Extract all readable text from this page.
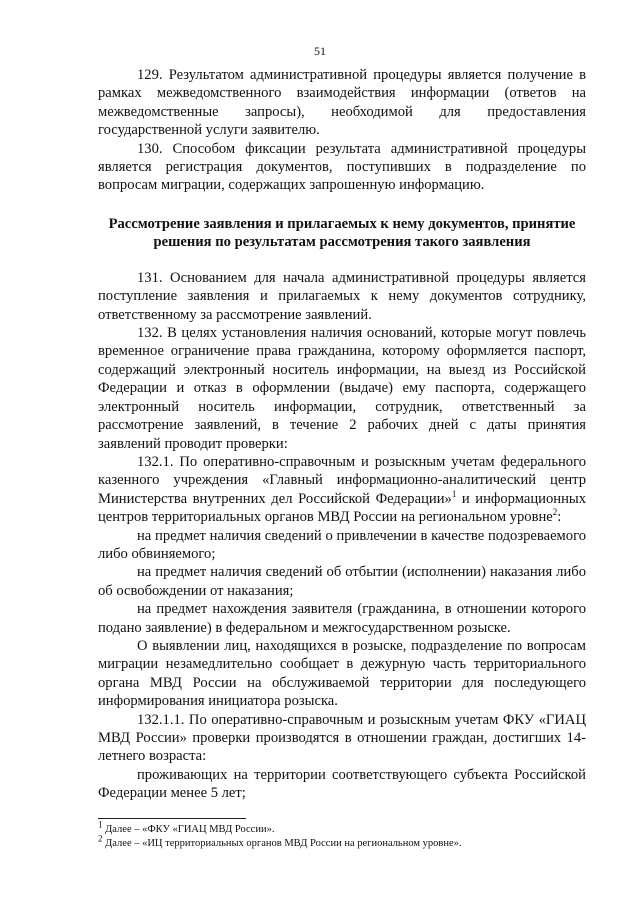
51

129. Результатом административной процедуры является получение в рамках межведомственного взаимодействия информации (ответов на межведомственные запросы), необходимой для предоставления государственной услуги заявителю.

130. Способом фиксации результата административной процедуры является регистрация документов, поступивших в подразделение по вопросам миграции, содержащих запрошенную информацию.

Рассмотрение заявления и прилагаемых к нему документов, принятие решения по результатам рассмотрения такого заявления

131. Основанием для начала административной процедуры является поступление заявления и прилагаемых к нему документов сотруднику, ответственному за рассмотрение заявлений.

132. В целях установления наличия оснований, которые могут повлечь временное ограничение права гражданина, которому оформляется паспорт, содержащий электронный носитель информации, на выезд из Российской Федерации и отказ в оформлении (выдаче) ему паспорта, содержащего электронный носитель информации, сотрудник, ответственный за рассмотрение заявлений, в течение 2 рабочих дней с даты принятия заявлений проводит проверки:

132.1. По оперативно-справочным и розыскным учетам федерального казенного учреждения «Главный информационно-аналитический центр Министерства внутренних дел Российской Федерации»$^1$ и информационных центров территориальных органов МВД России на региональном уровне$^2$:

на предмет наличия сведений о привлечении в качестве подозреваемого либо обвиняемого;

на предмет наличия сведений об отбытии (исполнении) наказания либо об освобождении от наказания;

на предмет нахождения заявителя (гражданина, в отношении которого подано заявление) в федеральном и межгосударственном розыске.

О выявлении лиц, находящихся в розыске, подразделение по вопросам миграции незамедлительно сообщает в дежурную часть территориального органа МВД России на обслуживаемой территории для последующего информирования инициатора розыска.

132.1.1. По оперативно-справочным и розыскным учетам ФКУ «ГИАЦ МВД России» проверки производятся в отношении граждан, достигших 14-летнего возраста:

проживающих на территории соответствующего субъекта Российской Федерации менее 5 лет;

1 Далее – «ФКУ «ГИАЦ МВД России».
2 Далее – «ИЦ территориальных органов МВД России на региональном уровне».
